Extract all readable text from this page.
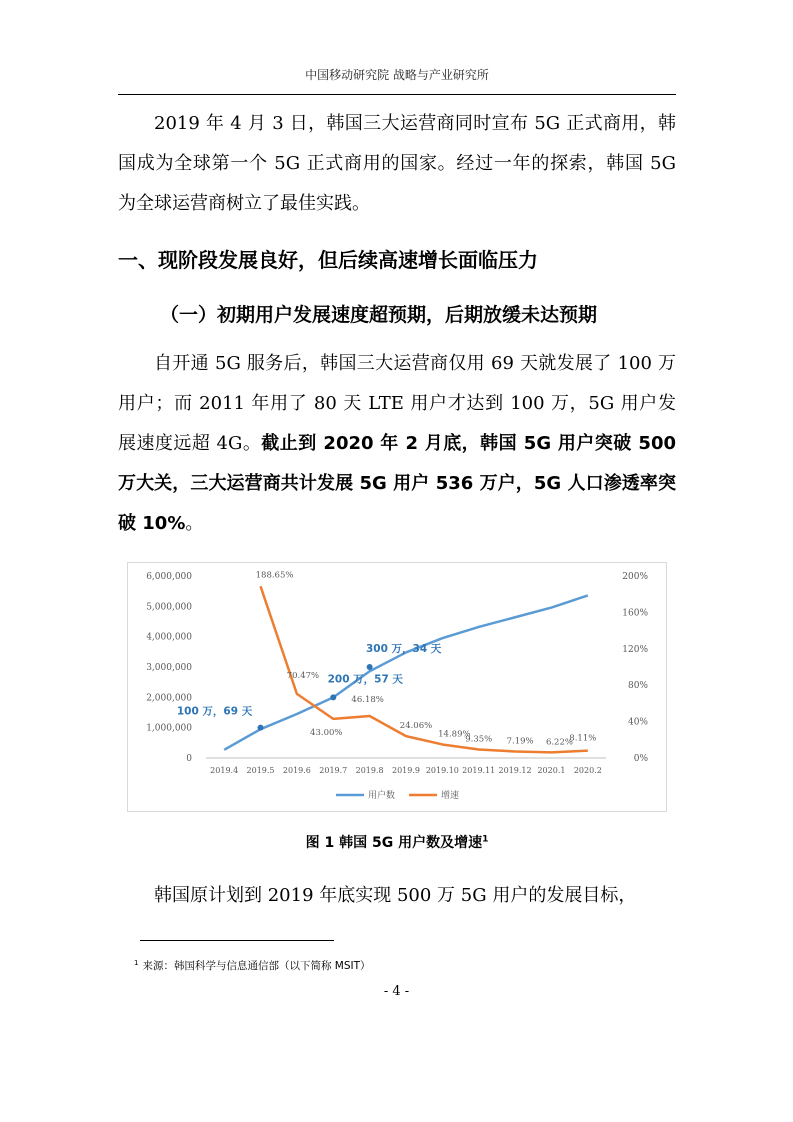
中国移动研究院 战略与产业研究所

2019 年 4 月 3 日，韩国三大运营商同时宣布 5G 正式商用，韩国成为全球第一个 5G 正式商用的国家。经过一年的探索，韩国 5G 为全球运营商树立了最佳实践。

一、现阶段发展良好，但后续高速增长面临压力
（一）初期用户发展速度超预期，后期放缓未达预期

自开通 5G 服务后，韩国三大运营商仅用 69 天就发展了 100 万用户；而 2011 年用了 80 天 LTE 用户才达到 100 万，5G 用户发展速度远超 4G。截止到 2020 年 2 月底，韩国 5G 用户突破 500 万大关，三大运营商共计发展 5G 用户 536 万户，5G 人口渗透率突破 10%。

0
1,000,000
2,000,000
3,000,000
4,000,000
5,000,000
6,000,000
0%
40%
80%
120%
160%
200%
2019.4 2019.5 2019.6 2019.7 2019.8 2019.9 2019.10 2019.11 2019.12 2020.1 2020.2
188.65%
70.47%
43.00%
46.18%
24.06%
14.89%
9.35% 7.19% 6.22%
8.11%
100 万，69 天
200 万，57 天
300 万，34 天
用户数	增速
图 1 韩国 5G 用户数及增速$^1$

韩国原计划到 2019 年底实现 500 万 5G 用户的发展目标，

$^1$ 来源：韩国科学与信息通信部（以下简称 MSIT）
- 4 -
